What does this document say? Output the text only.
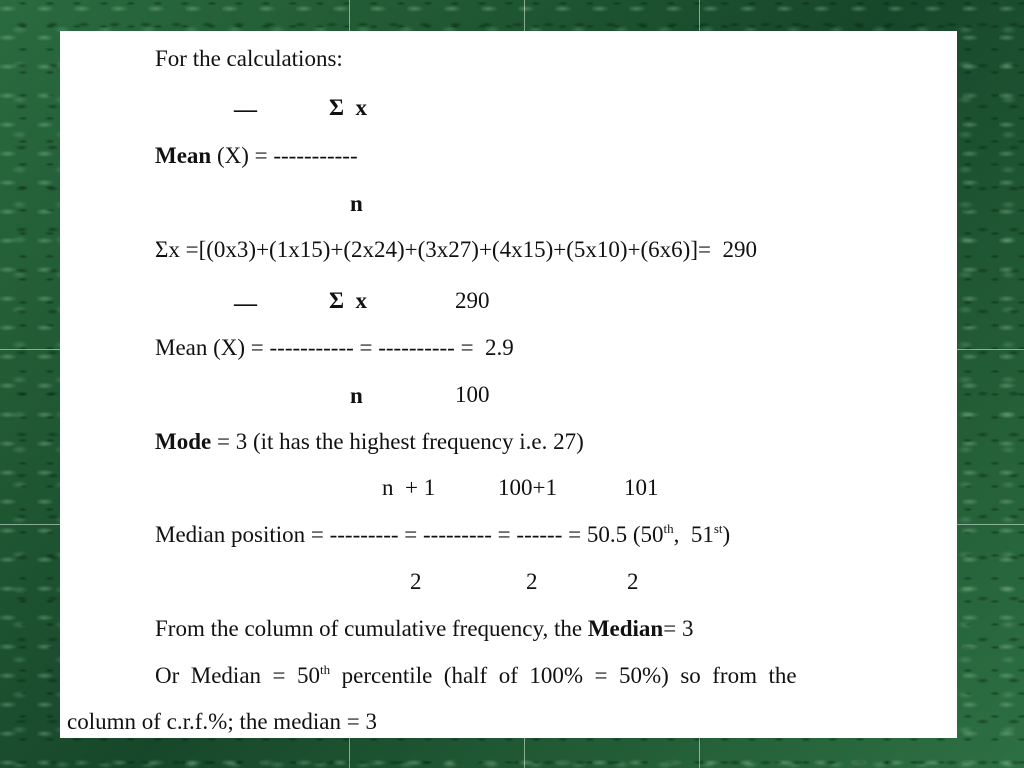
For the calculations:
__	Σ  x
Mean (X) = -----------
n
Σx =[(0x3)+(1x15)+(2x24)+(3x27)+(4x15)+(5x10)+(6x6)]=  290
__	Σ  x	290
Mean (X) = ----------- = ---------- =  2.9
n	100
Mode = 3 (it has the highest frequency i.e. 27)
n  + 1	100+1	101
Median position = --------- = --------- = ------ = 50.5 (50th,  51st)
2	2	2
From the column of cumulative frequency, the Median= 3
Or  Median  =  50th  percentile  (half  of  100%  =  50%)  so  from  the
column of c.r.f.%; the median = 3
